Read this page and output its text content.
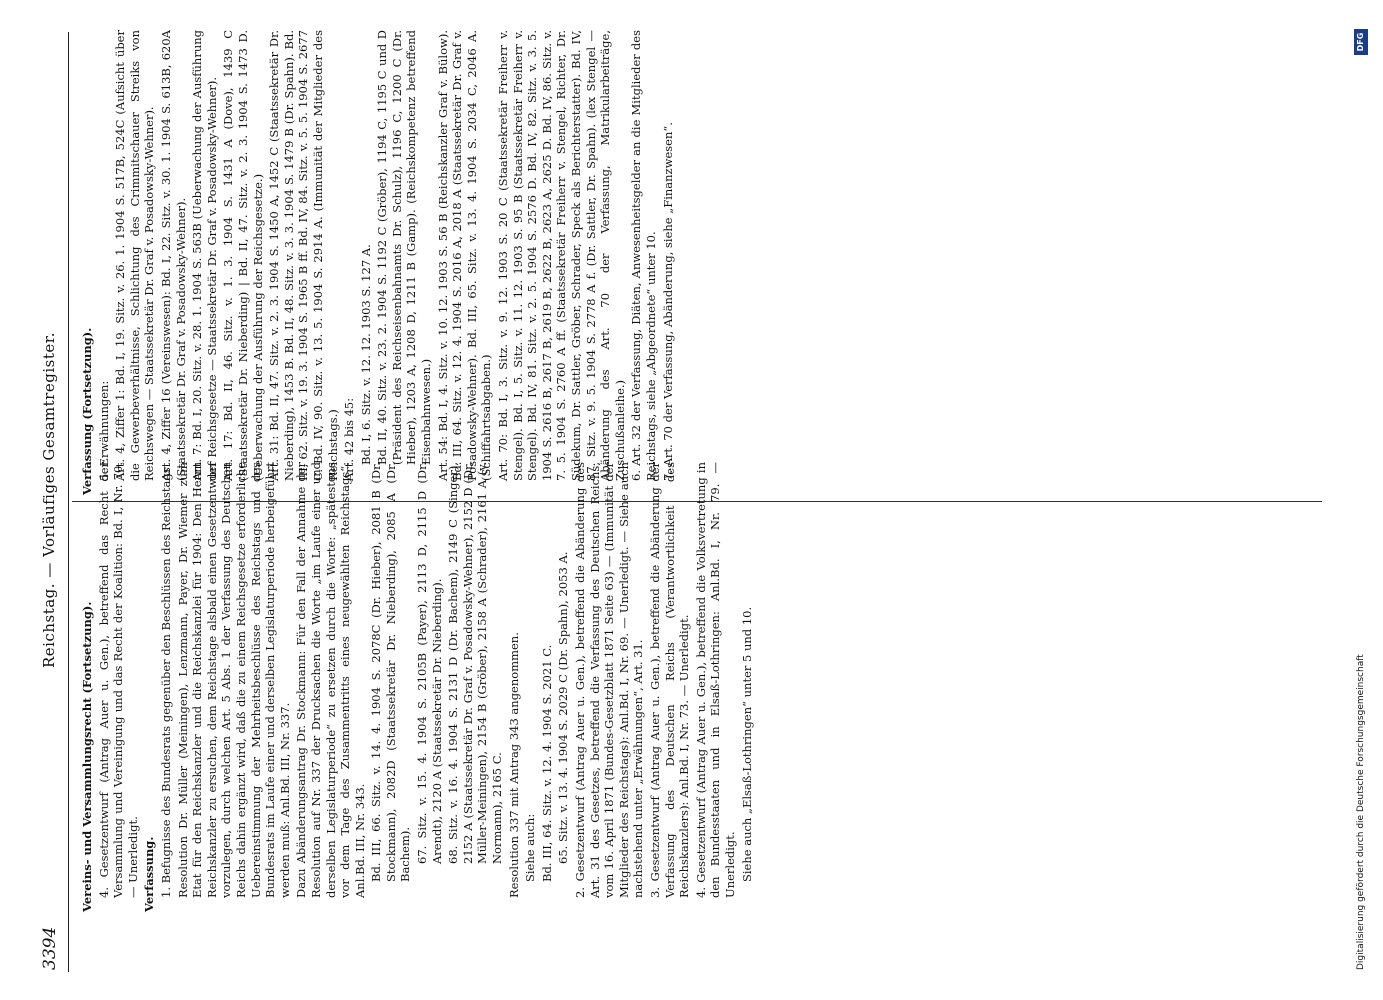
3394
Reichstag. — Vorläufiges Gesamtregister.

Vereins- und Versammlungsrecht (Fortsetzung). 4. Gesetzentwurf (Antrag Auer u. Gen.), betreffend das Recht der Versammlung und Vereinigung und das Recht der Koalition: Bd. I, Nr. 70. — Unerledigt. Verfassung. 1. Befugnisse des Bundesrats gegenüber den Beschlüssen des Reichstags. Resolution Dr. Müller (Meiningen), Lenzmann, Payer, Dr. Wiemer zum Etat für den Reichskanzler und die Reichskanzlei für 1904: Den Herrn Reichskanzler zu ersuchen, dem Reichstage alsbald einen Gesetzentwurf vorzulegen, durch welchen Art. 5 Abs. 1 der Verfassung des Deutschen Reichs dahin ergänzt wird, daß die zu einem Reichsgesetze erforderliche Uebereinstimmung der Mehrheitsbeschlüsse des Reichstags und des Bundesrats im Laufe einer und derselben Legislaturperiode herbeigeführt werden muß: Anl.Bd. III, Nr. 337. Dazu Abänderungsantrag Dr. Stockmann: Für den Fall der Annahme der Resolution auf Nr. 337 der Drucksachen die Worte „im Laufe einer und derselben Legislaturperiode“ zu ersetzen durch die Worte: „spätestens vor dem Tage des Zusammentritts eines neugewählten Reichstags“: Anl.Bd. III, Nr. 343. Bd. III, 66. Sitz. v. 14. 4. 1904 S. 2078C (Dr. Hieber), 2081 B (Dr. Stockmann), 2082D (Staatssekretär Dr. Nieberding), 2085 A (Dr. Bachem). 67. Sitz. v. 15. 4. 1904 S. 2105B (Payer), 2113 D, 2115 D (Dr. Arendt), 2120 A (Staatssekretär Dr. Nieberding). 68. Sitz. v. 16. 4. 1904 S. 2131 D (Dr. Bachem), 2149 C (Singer), 2152 A (Staatssekretär Dr. Graf v. Posadowsky-Wehner), 2152 D (Dr. Müller-Meiningen), 2154 B (Gröber), 2158 A (Schrader), 2161 A (v. Normann), 2165 C. Resolution 337 mit Antrag 343 angenommen. Siehe auch: Bd. III, 64. Sitz. v. 12. 4. 1904 S. 2021 C. 65. Sitz. v. 13. 4. 1904 S. 2029 C (Dr. Spahn), 2053 A. 2. Gesetzentwurf (Antrag Auer u. Gen.), betreffend die Abänderung des Art. 31 des Gesetzes, betreffend die Verfassung des Deutschen Reichs, vom 16. April 1871 (Bundes-Gesetzblatt 1871 Seite 63) — (Immunität der Mitglieder des Reichstags): Anl.Bd. I, Nr. 69. — Unerledigt. — Siehe auch nachstehend unter „Erwähnungen“, Art. 31. 3. Gesetzentwurf (Antrag Auer u. Gen.), betreffend die Abänderung der Verfassung des Deutschen Reichs (Verantwortlichkeit des Reichskanzlers): Anl.Bd. I, Nr. 73. — Unerledigt. 4. Gesetzentwurf (Antrag Auer u. Gen.), betreffend die Volksvertretung in den Bundesstaaten und in Elsaß-Lothringen: Anl.Bd. I, Nr. 79. — Unerledigt. Siehe auch „Elsaß-Lothringen“ unter 5 und 10.

Verfassung (Fortsetzung). 5. Erwähnungen: Art. 4, Ziffer 1: Bd. I, 19. Sitz. v. 26. 1. 1904 S. 517B, 524C (Aufsicht über die Gewerbeverhältnisse, Schlichtung des Crimmitschauer Streiks von Reichswegen — Staatssekretär Dr. Graf v. Posadowsky-Wehner). Art. 4, Ziffer 16 (Vereinswesen): Bd. I, 22. Sitz. v. 30. 1. 1904 S. 613B, 620A (Staatssekretär Dr. Graf v. Posadowsky-Wehner). Art. 7: Bd. I, 20. Sitz. v. 28. 1. 1904 S. 563B (Ueberwachung der Ausführung der Reichsgesetze — Staatssekretär Dr. Graf v. Posadowsky-Wehner). Art. 17: Bd. II, 46. Sitz. v. 1. 3. 1904 S. 1431 A (Dove), 1439 C (Staatssekretär Dr. Nieberding) | Bd. II, 47. Sitz. v. 2. 3. 1904 S. 1473 D. (Ueberwachung der Ausführung der Reichsgesetze.) Art. 31: Bd. II, 47. Sitz. v. 2. 3. 1904 S. 1450 A, 1452 C (Staatssekretär Dr. Nieberding), 1453 B. Bd. II, 48. Sitz. v. 3. 3. 1904 S. 1479 B (Dr. Spahn). Bd. III, 62. Sitz. v. 19. 3. 1904 S. 1965 B ff. Bd. IV, 84. Sitz. v. 5. 5. 1904 S. 2677 C. Bd. IV, 90. Sitz. v. 13. 5. 1904 S. 2914 A. (Immunität der Mitglieder des Reichstags.) Art. 42 bis 45: Bd. I, 6. Sitz. v. 12. 12. 1903 S. 127 A. Bd. II, 40. Sitz. v. 23. 2. 1904 S. 1192 C (Gröber), 1194 C, 1195 C und D (Präsident des Reichseisenbahnamts Dr. Schulz), 1196 C, 1200 C (Dr. Hieber), 1203 A, 1208 D, 1211 B (Gamp). (Reichskompetenz betreffend Eisenbahnwesen.) Art. 54: Bd. I, 4. Sitz. v. 10. 12. 1903 S. 56 B (Reichskanzler Graf v. Bülow). Bd. III, 64. Sitz. v. 12. 4. 1904 S. 2016 A, 2018 A (Staatssekretär Dr. Graf v. Posadowsky-Wehner). Bd. III, 65. Sitz. v. 13. 4. 1904 S. 2034 C, 2046 A. (Schiffahrtsabgaben.) Art. 70: Bd. I, 3. Sitz. v. 9. 12. 1903 S. 20 C (Staatssekretär Freiherr v. Stengel). Bd. I, 5. Sitz. v. 11. 12. 1903 S. 95 B (Staatssekretär Freiherr v. Stengel). Bd. IV, 81. Sitz. v. 2. 5. 1904 S. 2576 D. Bd. IV, 82. Sitz. v. 3. 5. 1904 S. 2616 B, 2617 B, 2619 B, 2622 B, 2623 A, 2625 D. Bd. IV, 86. Sitz. v. 7. 5. 1904 S. 2760 A ff. (Staatssekretär Freiherr v. Stengel, Richter, Dr. Südekum, Dr. Sattler, Gröber, Schrader, Speck als Berichterstatter). Bd. IV, 87. Sitz. v. 9. 5. 1904 S. 2778 A f. (Dr. Sattler, Dr. Spahn). (lex Stengel — Abänderung des Art. 70 der Verfassung, Matrikularbeiträge, Zuschußanleihe.) 6. Art. 32 der Verfassung, Diäten, Anwesenheitsgelder an die Mitglieder des Reichstags, siehe „Abgeordnete“ unter 10. 7. Art. 70 der Verfassung, Abänderung, siehe „Finanzwesen“.

Digitalisierung gefördert durch die Deutsche Forschungsgemeinschaft
DFG
